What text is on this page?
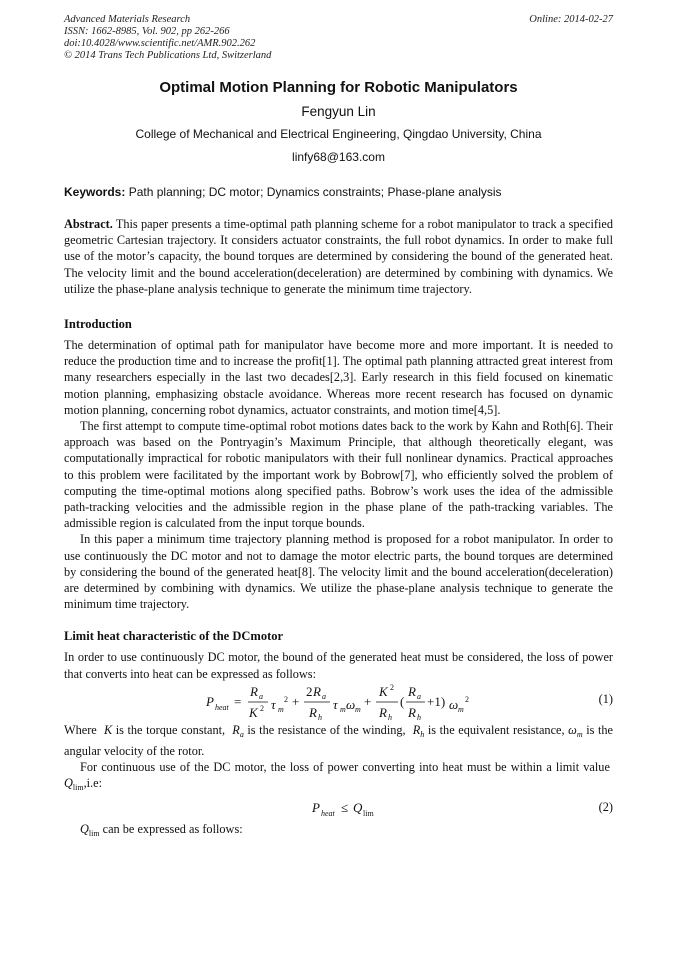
Advanced Materials Research
ISSN: 1662-8985, Vol. 902, pp 262-266
doi:10.4028/www.scientific.net/AMR.902.262
© 2014 Trans Tech Publications Ltd, Switzerland
Online: 2014-02-27
Optimal Motion Planning for Robotic Manipulators
Fengyun Lin
College of Mechanical and Electrical Engineering, Qingdao University, China
linfy68@163.com
Keywords: Path planning; DC motor; Dynamics constraints; Phase-plane analysis
Abstract. This paper presents a time-optimal path planning scheme for a robot manipulator to track a specified geometric Cartesian trajectory. It considers actuator constraints, the full robot dynamics. In order to make full use of the motor’s capacity, the bound torques are determined by considering the bound of the generated heat. The velocity limit and the bound acceleration(deceleration) are determined by combining with dynamics. We utilize the phase-plane analysis technique to generate the minimum time trajectory.
Introduction
The determination of optimal path for manipulator have become more and more important. It is needed to reduce the production time and to increase the profit[1]. The optimal path planning attracted great interest from many researchers especially in the last two decades[2,3]. Early research in this field focused on kinematic motion planning, emphasizing obstacle avoidance. Whereas more recent research has focused on dynamic motion planning, concerning robot dynamics, actuator constraints, and motion time[4,5].
The first attempt to compute time-optimal robot motions dates back to the work by Kahn and Roth[6]. Their approach was based on the Pontryagin’s Maximum Principle, that although theoretically elegant, was computationally impractical for robotic manipulators with their full nonlinear dynamics. Practical approaches to this problem were facilitated by the important work by Bobrow[7], who efficiently solved the problem of computing the time-optimal motions along specified paths. Bobrow’s work uses the idea of the admissible path-tracking velocities and the admissible region in the phase plane of the path-tracking variables. The admissible region is calculated from the input torque bounds.
In this paper a minimum time trajectory planning method is proposed for a robot manipulator. In order to use continuously the DC motor and not to damage the motor electric parts, the bound torques are determined by considering the bound of the generated heat[8]. The velocity limit and the bound acceleration(deceleration) are determined by combining with dynamics. We utilize the phase-plane analysis technique to generate the minimum time trajectory.
Limit heat characteristic of the DCmotor
In order to use continuously DC motor, the bound of the generated heat must be considered, the loss of power that converts into heat can be expressed as follows:
P heat =
R a
K 2 τ m
2 +
2 R a
R h
τ m ω m
+
K 2
R h
(
R a
R h
+1) ω m
2	(1)
Where K is the torque constant, $R_a$ is the resistance of the winding, $R_h$ is the equivalent resistance, $\omega_m$ is the angular velocity of the rotor.
For continuous use of the DC motor, the loss of power converting into heat must be within a limit value  $Q_{lim},i.e$:
P heat ≤ Q lim	(2)
$Q_{lim}$ can be expressed as follows:
